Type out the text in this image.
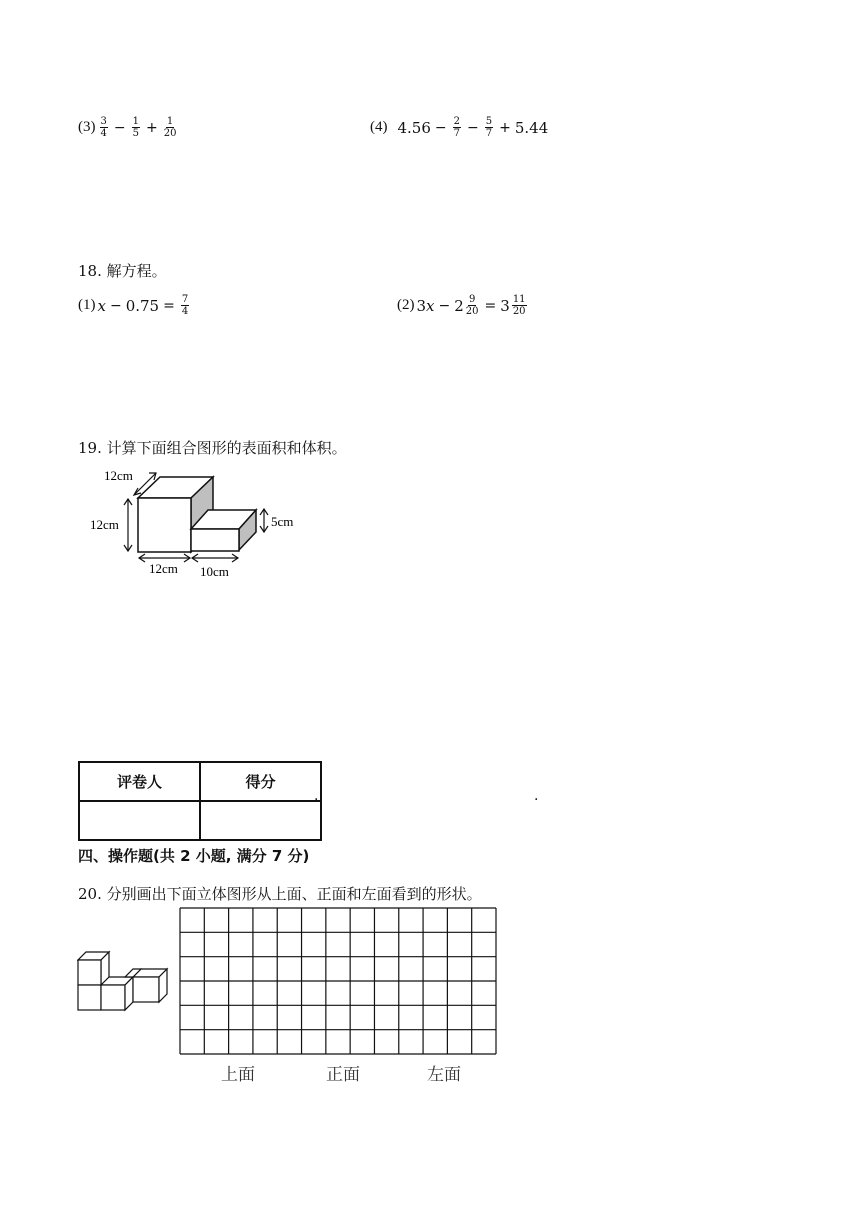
$(3) \frac{3}{4} - \frac{1}{5} + \frac{1}{20}$	(4) $4.56 - \frac{2}{7} - \frac{5}{7} + 5.44$
18. 解方程。
(1) $x - 0.75 = \frac{7}{4}$	(2) 3 $x - 2 \frac{9}{20} = 3 \frac{11}{20}$
19. 计算下面组合图形的表面积和体积。
12cm
12cm	5cm
12cm 10cm
评卷人	得分

.	.
四、操作题(共 2 小题, 满分 7 分)
20. 分别画出下面立体图形从上面、正面和左面看到的形状。
上面	正面	左面
